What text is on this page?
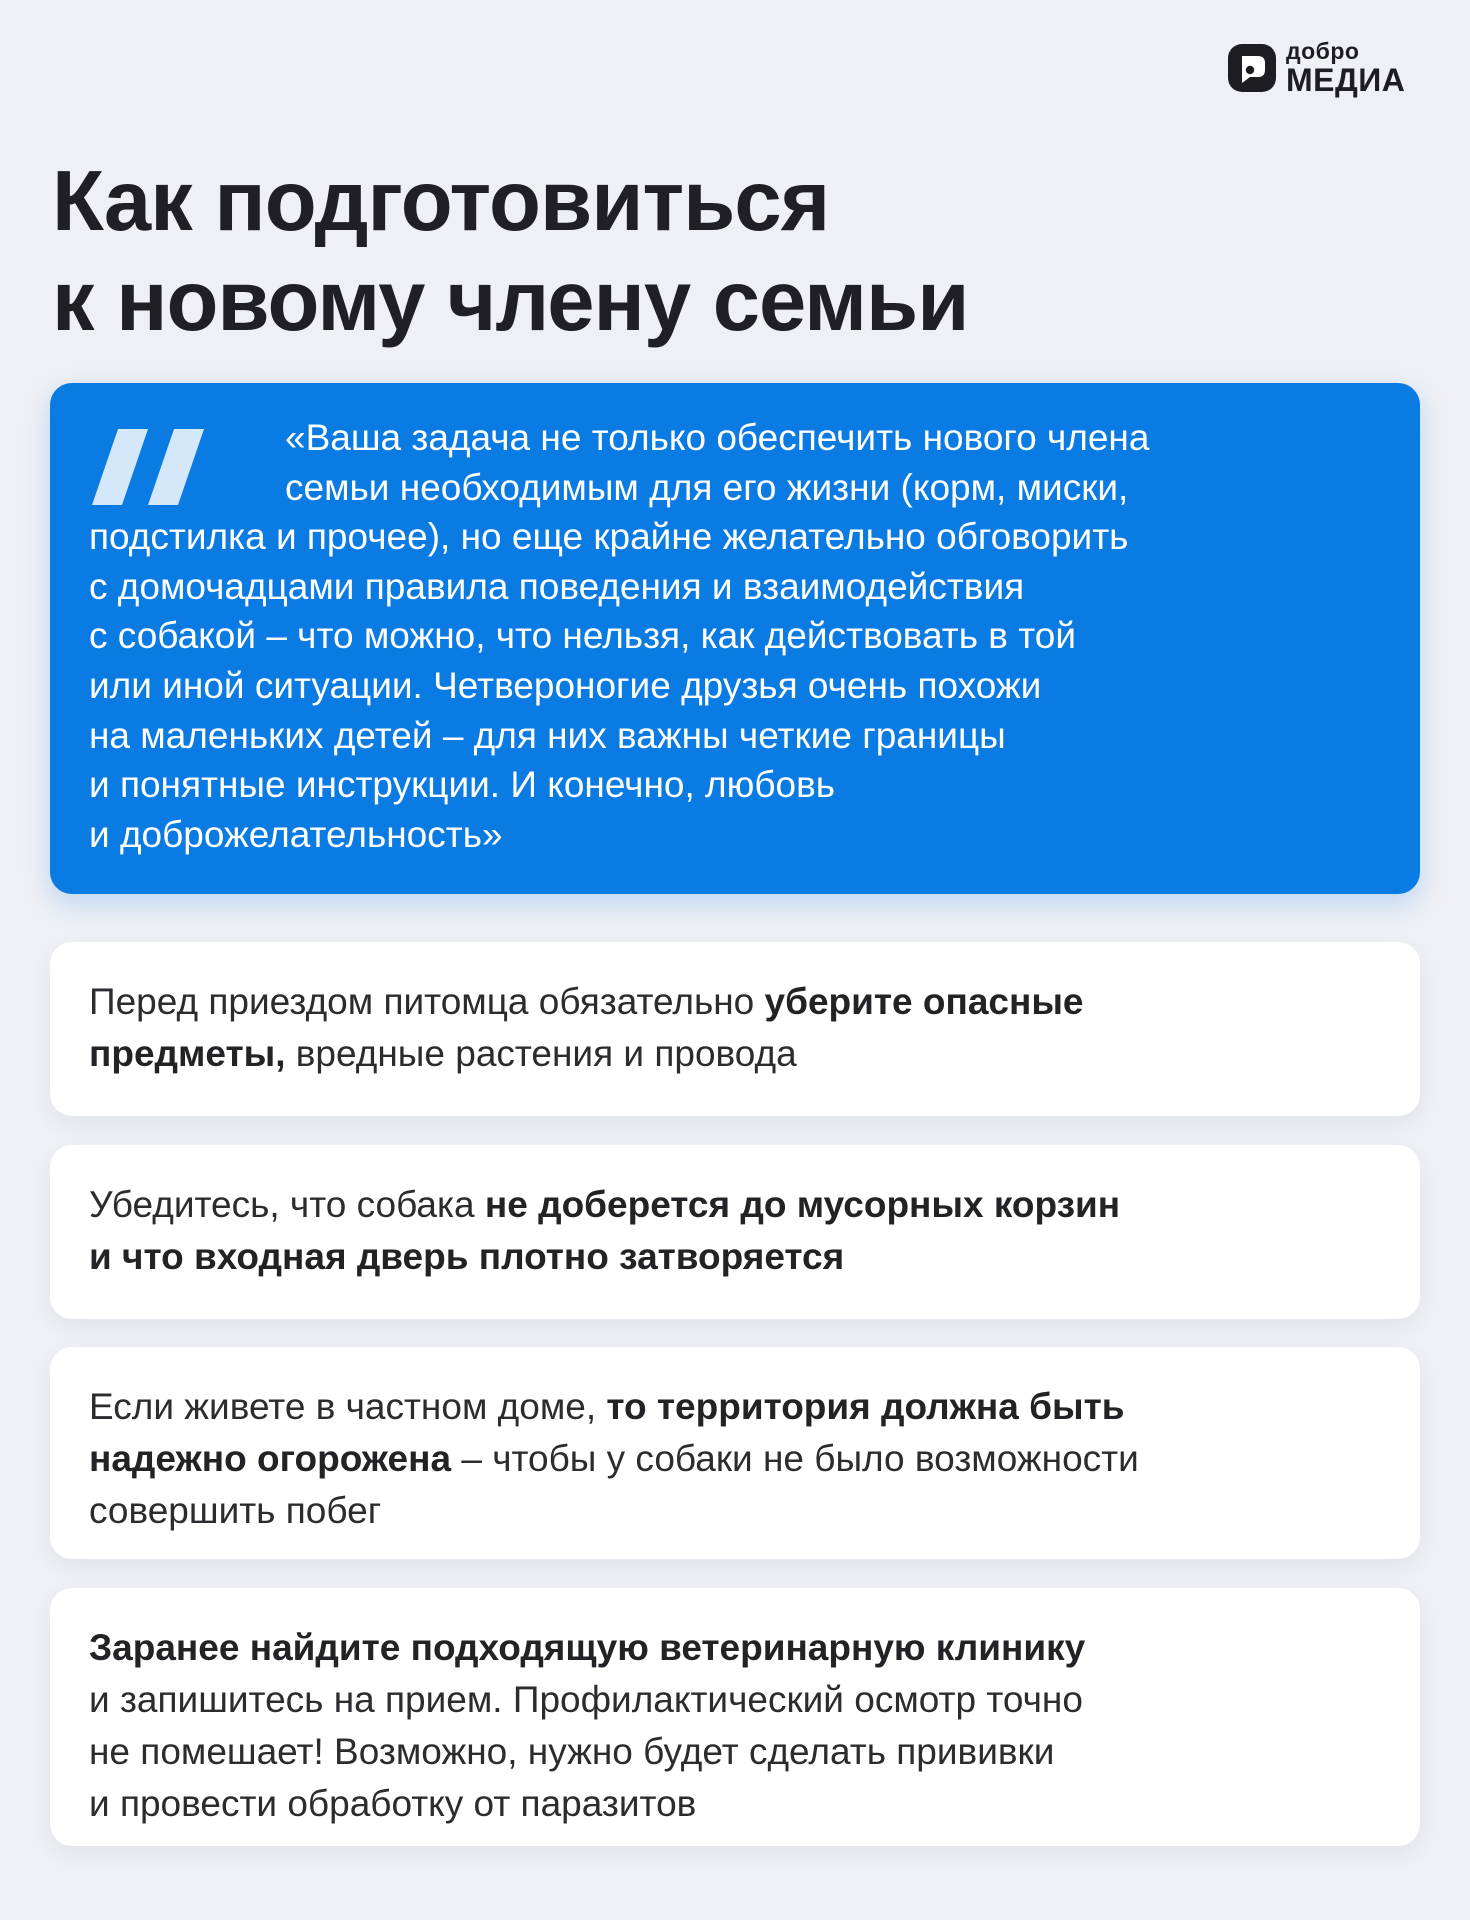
добро
МЕДИА
Как подготовиться
к новому члену семьи

«Ваша задача не только обеспечить нового члена
семьи необходимым для его жизни (корм, миски,
подстилка и прочее), но еще крайне желательно обговорить
с домочадцами правила поведения и взаимодействия
с собакой – что можно, что нельзя, как действовать в той
или иной ситуации. Четвероногие друзья очень похожи
на маленьких детей – для них важны четкие границы
и понятные инструкции. И конечно, любовь
и доброжелательность»

Перед приездом питомца обязательно уберите опасные
предметы, вредные растения и провода

Убедитесь, что собака не доберется до мусорных корзин
и что входная дверь плотно затворяется

Если живете в частном доме, то территория должна быть
надежно огорожена – чтобы у собаки не было возможности
совершить побег

Заранее найдите подходящую ветеринарную клинику
и запишитесь на прием. Профилактический осмотр точно
не помешает! Возможно, нужно будет сделать прививки
и провести обработку от паразитов
